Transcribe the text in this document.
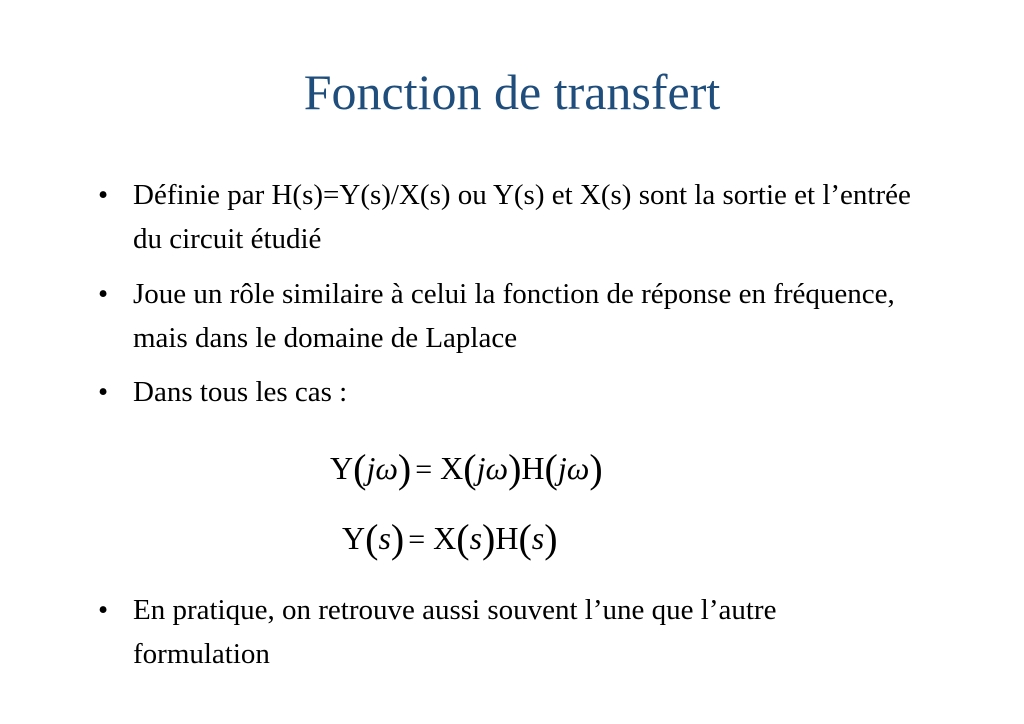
Fonction de transfert
• Définie par H(s)=Y(s)/X(s) ou Y(s) et X(s) sont la sortie et l’entrée du circuit étudié
• Joue un rôle similaire à celui la fonction de réponse en fréquence, mais dans le domaine de Laplace
• Dans tous les cas :
Y(jω) = X(jω)H(jω)
Y(s) = X(s)H(s)
• En pratique, on retrouve aussi souvent l’une que l’autre formulation
